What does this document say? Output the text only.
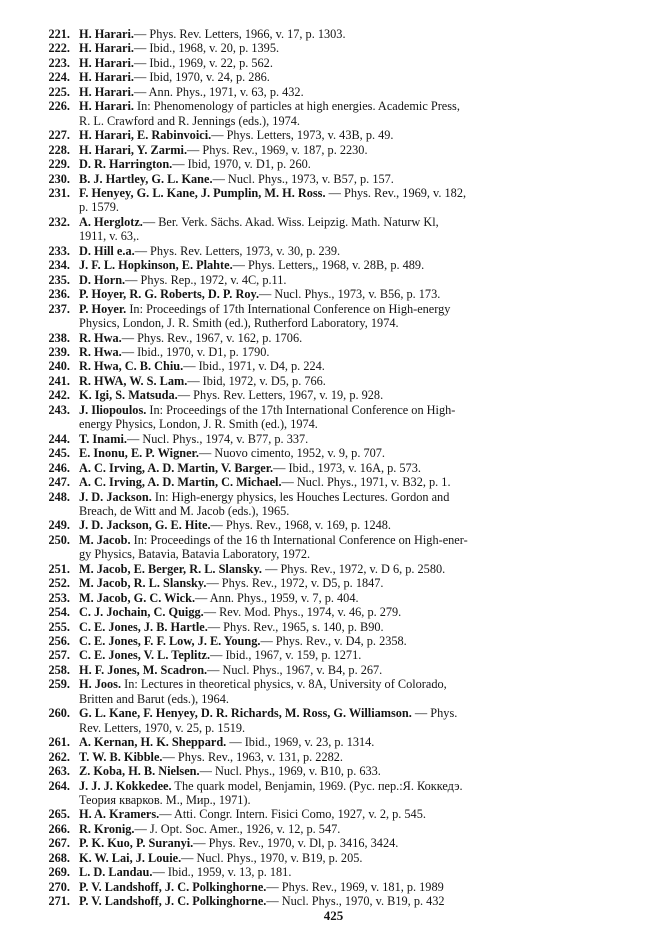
221. H. Harari.— Phys. Rev. Letters, 1966, v. 17, p. 1303.

222. H. Harari.— Ibid., 1968, v. 20, p. 1395.

223. H. Harari.— Ibid., 1969, v. 22, p. 562.

224. H. Harari.— Ibid, 1970, v. 24, p. 286.

225. H. Harari.— Ann. Phys., 1971, v. 63, p. 432.

226. H. Harari. In: Phenomenology of particles at high energies. Academic Press,

R. L. Crawford and R. Jennings (eds.), 1974.

227. H. Harari, E. Rabinvoici.— Phys. Letters, 1973, v. 43B, p. 49.

228. H. Harari, Y. Zarmi.— Phys. Rev., 1969, v. 187, p. 2230.

229. D. R. Harrington.— Ibid, 1970, v. D1, p. 260.

230. B. J. Hartley, G. L. Kane.— Nucl. Phys., 1973, v. B57, p. 157.

231. F. Henyey, G. L. Kane, J. Pumplin, M. H. Ross. — Phys. Rev., 1969, v. 182,

p. 1579.

232. A. Herglotz.— Ber. Verk. Sächs. Akad. Wiss. Leipzig. Math. Naturw Kl,

1911, v. 63,.

233. D. Hill e.a.— Phys. Rev. Letters, 1973, v. 30, p. 239.

234. J. F. L. Hopkinson, E. Plahte.— Phys. Letters,, 1968, v. 28B, p. 489.

235. D. Horn.— Phys. Rep., 1972, v. 4C, p.11.

236. P. Hoyer, R. G. Roberts, D. P. Roy.— Nucl. Phys., 1973, v. B56, p. 173.

237. P. Hoyer. In: Proceedings of 17th International Conference on High-energy

Physics, London, J. R. Smith (ed.), Rutherford Laboratory, 1974.

238. R. Hwa.— Phys. Rev., 1967, v. 162, p. 1706.

239. R. Hwa.— Ibid., 1970, v. D1, p. 1790.

240. R. Hwa, C. B. Chiu.— Ibid., 1971, v. D4, p. 224.

241. R. HWA, W. S. Lam.— Ibid, 1972, v. D5, p. 766.

242. K. Igi, S. Matsuda.— Phys. Rev. Letters, 1967, v. 19, p. 928.

243. J. Iliopoulos. In: Proceedings of the 17th International Conference on High-

energy Physics, London, J. R. Smith (ed.), 1974.

244. T. Inami.— Nucl. Phys., 1974, v. B77, p. 337.

245. E. Inonu, E. P. Wigner.— Nuovo cimento, 1952, v. 9, p. 707.

246. A. C. Irving, A. D. Martin, V. Barger.— Ibid., 1973, v. 16A, p. 573.

247. A. C. Irving, A. D. Martin, C. Michael.— Nucl. Phys., 1971, v. B32, p. 1.

248. J. D. Jackson. In: High-energy physics, les Houches Lectures. Gordon and

Breach, de Witt and M. Jacob (eds.), 1965.

249. J. D. Jackson, G. E. Hite.— Phys. Rev., 1968, v. 169, p. 1248.

250. M. Jacob. In: Proceedings of the 16 th International Conference on High-ener-

gy Physics, Batavia, Batavia Laboratory, 1972.

251. M. Jacob, E. Berger, R. L. Slansky. — Phys. Rev., 1972, v. D 6, p. 2580.

252. M. Jacob, R. L. Slansky.— Phys. Rev., 1972, v. D5, p. 1847.

253. M. Jacob, G. C. Wick.— Ann. Phys., 1959, v. 7, p. 404.

254. C. J. Jochain, C. Quigg.— Rev. Mod. Phys., 1974, v. 46, p. 279.

255. C. E. Jones, J. B. Hartle.— Phys. Rev., 1965, s. 140, p. B90.

256. C. E. Jones, F. F. Low, J. E. Young.— Phys. Rev., v. D4, p. 2358.

257. C. E. Jones, V. L. Teplitz.— Ibid., 1967, v. 159, p. 1271.

258. H. F. Jones, M. Scadron.— Nucl. Phys., 1967, v. B4, p. 267.

259. H. Joos. In: Lectures in theoretical physics, v. 8A, University of Colorado,

Britten and Barut (eds.), 1964.

260. G. L. Kane, F. Henyey, D. R. Richards, M. Ross, G. Williamson. — Phys.

Rev. Letters, 1970, v. 25, p. 1519.

261. A. Kernan, H. K. Sheppard. — Ibid., 1969, v. 23, p. 1314.

262. T. W. B. Kibble.— Phys. Rev., 1963, v. 131, p. 2282.

263. Z. Koba, H. B. Nielsen.— Nucl. Phys., 1969, v. B10, p. 633.

264. J. J. J. Kokkedee. The quark model, Benjamin, 1969. (Рус. пер.:Я. Коккедэ.

Теория кварков. М., Мир., 1971).

265. H. A. Kramers.— Atti. Congr. Intern. Fisici Como, 1927, v. 2, p. 545.

266. R. Kronig.— J. Opt. Soc. Amer., 1926, v. 12, p. 547.

267. P. K. Kuo, P. Suranyi.— Phys. Rev., 1970, v. Dl, p. 3416, 3424.

268. K. W. Lai, J. Louie.— Nucl. Phys., 1970, v. B19, p. 205.

269. L. D. Landau.— Ibid., 1959, v. 13, p. 181.

270. P. V. Landshoff, J. C. Polkinghorne.— Phys. Rev., 1969, v. 181, p. 1989

271. P. V. Landshoff, J. C. Polkinghorne.— Nucl. Phys., 1970, v. B19, p. 432

425
